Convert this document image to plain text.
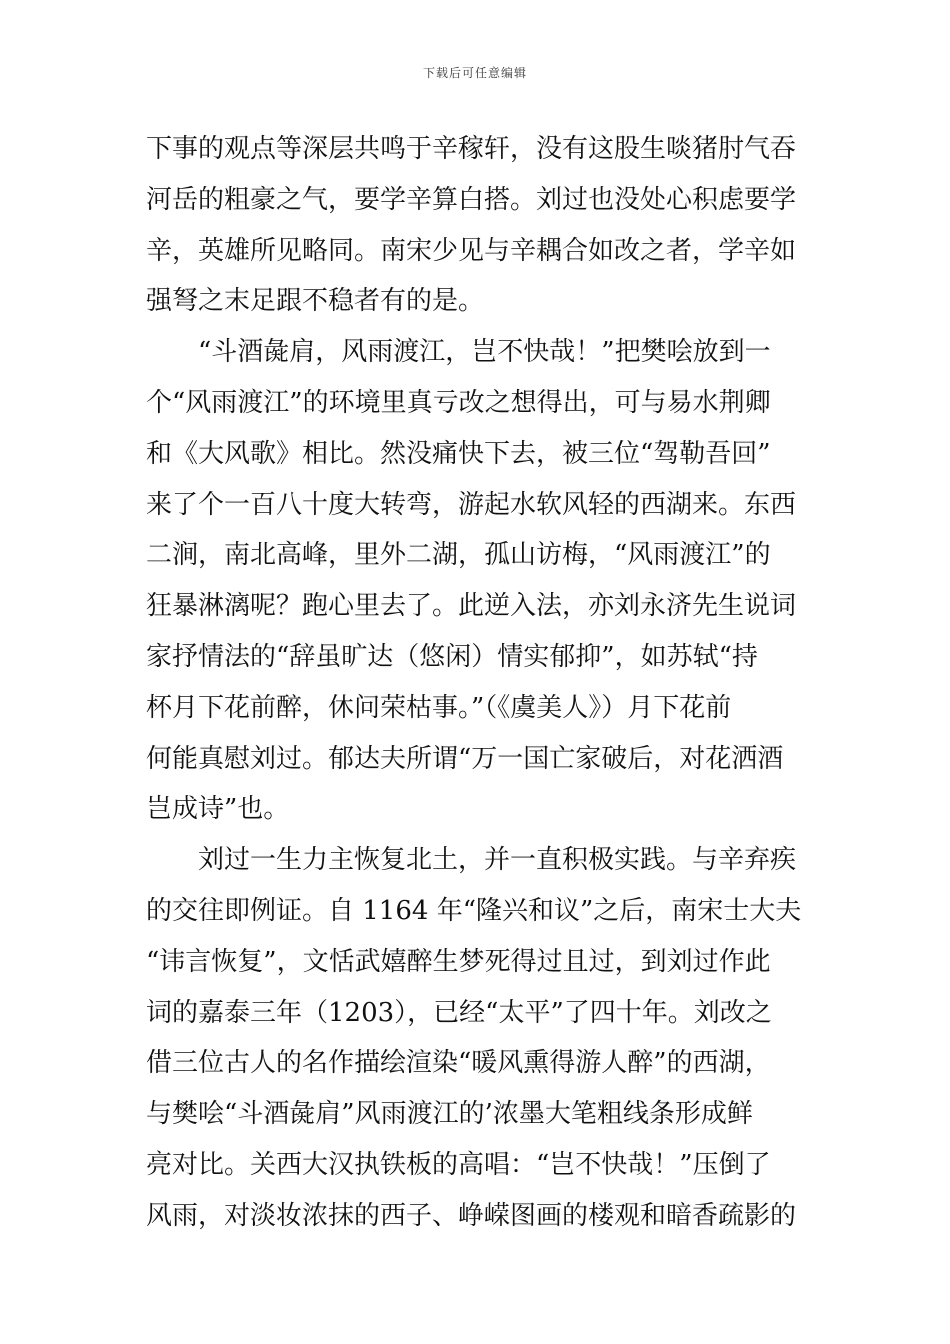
下载后可任意编辑
下事的观点等深层共鸣于辛稼轩，没有这股生啖猪肘气吞
河岳的粗豪之气，要学辛算白搭。刘过也没处心积虑要学
辛，英雄所见略同。南宋少见与辛耦合如改之者，学辛如
强弩之末足跟不稳者有的是。
　　“斗酒彘肩，风雨渡江，岂不快哉！”把樊哙放到一
个“风雨渡江”的环境里真亏改之想得出，可与易水荆卿
和《大风歌》相比。然没痛快下去，被三位“驾勒吾回”
来了个一百八十度大转弯，游起水软风轻的西湖来。东西
二涧，南北高峰，里外二湖，孤山访梅，“风雨渡江”的
狂暴淋漓呢？跑心里去了。此逆入法，亦刘永济先生说词
家抒情法的“辞虽旷达（悠闲）情实郁抑”，如苏轼“持
杯月下花前醉，休问荣枯事。”（《虞美人》）月下花前
何能真慰刘过。郁达夫所谓“万一国亡家破后，对花洒酒
岂成诗”也。
　　刘过一生力主恢复北土，并一直积极实践。与辛弃疾
的交往即例证。自 1164 年“隆兴和议”之后，南宋士大夫
“讳言恢复”，文恬武嬉醉生梦死得过且过，到刘过作此
词的嘉泰三年（1203），已经“太平”了四十年。刘改之
借三位古人的名作描绘渲染“暖风熏得游人醉”的西湖，
与樊哙“斗酒彘肩”风雨渡江的’浓墨大笔粗线条形成鲜
亮对比。关西大汉执铁板的高唱：“岂不快哉！”压倒了
风雨，对淡妆浓抹的西子、峥嵘图画的楼观和暗香疏影的
